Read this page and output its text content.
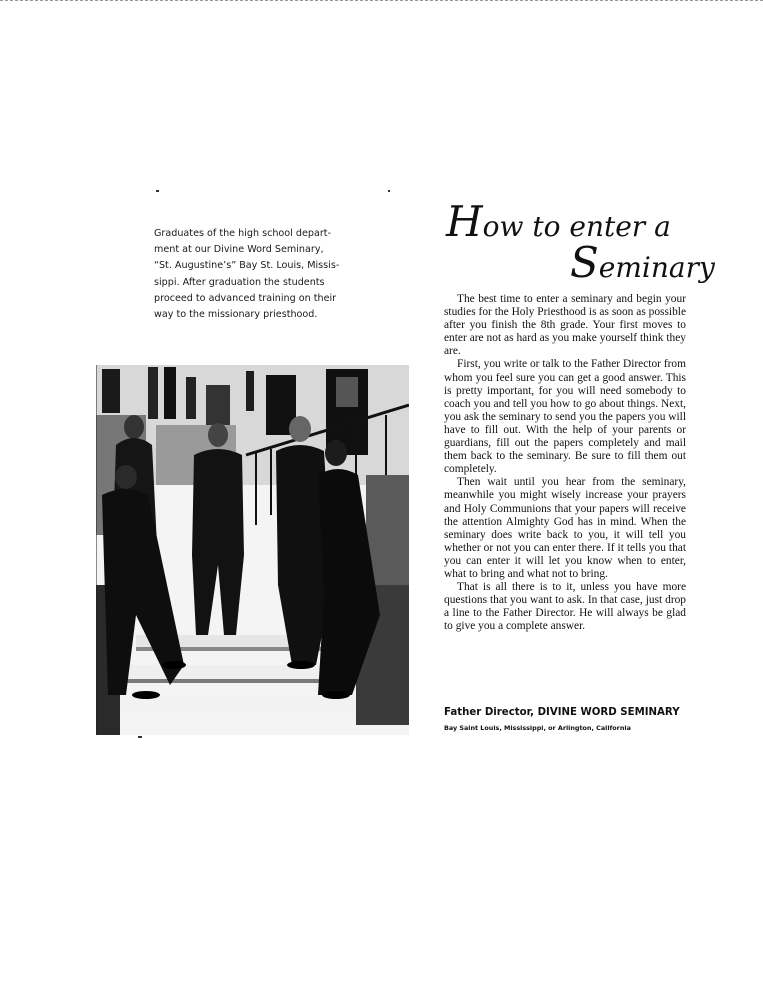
Graduates of the high school depart-

ment at our Divine Word Seminary,

“St. Augustine’s” Bay St. Louis, Missis-

sippi. After graduation the students

proceed to advanced training on their

way to the missionary priesthood.

How to enter a
Seminary

The best time to enter a seminary and begin your studies for the Holy Priesthood is as soon as possible after you finish the 8th grade. Your first moves to enter are not as hard as you make yourself think they are.

First, you write or talk to the Father Director from whom you feel sure you can get a good answer. This is pretty important, for you will need somebody to coach you and tell you how to go about things. Next, you ask the seminary to send you the papers you will have to fill out. With the help of your parents or guardians, fill out the papers completely and mail them back to the seminary. Be sure to fill them out completely.

Then wait until you hear from the seminary, meanwhile you might wisely increase your prayers and Holy Communions that your papers will receive the attention Almighty God has in mind. When the seminary does write back to you, it will tell you whether or not you can enter there. If it tells you that you can enter it will let you know when to enter, what to bring and what not to bring.

That is all there is to it, unless you have more questions that you want to ask. In that case, just drop a line to the Father Director. He will always be glad to give you a complete answer.

Father Director, DIVINE WORD SEMINARY
Bay Saint Louis, Mississippi, or Arlington, California
